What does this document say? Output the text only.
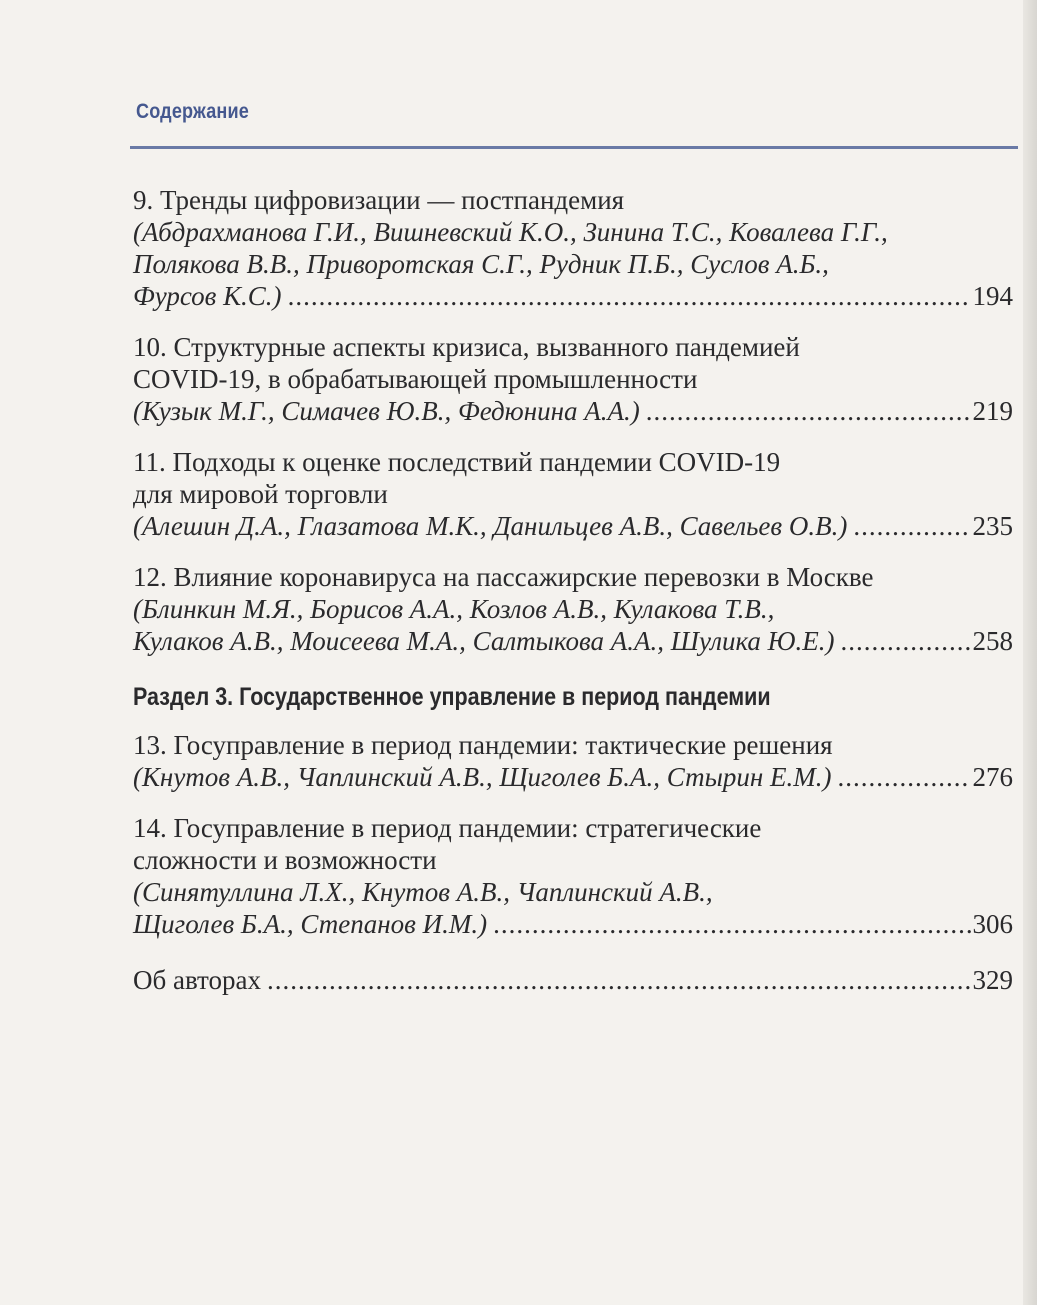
Содержание
9. Тренды цифровизации — постпандемия
(Абдрахманова Г.И., Вишневский К.О., Зинина Т.С., Ковалева Г.Г.,
Полякова В.В., Приворотская С.Г., Рудник П.Б., Суслов А.Б.,
Фурсов К.С.) .....	194
10. Структурные аспекты кризиса, вызванного пандемией
COVID-19, в обрабатывающей промышленности
(Кузык М.Г., Симачев Ю.В., Федюнина А.А.) .....	219
11. Подходы к оценке последствий пандемии COVID-19
для мировой торговли
(Алешин Д.А., Глазатова М.К., Данильцев А.В., Савельев О.В.) .....	235
12. Влияние коронавируса на пассажирские перевозки в Москве
(Блинкин М.Я., Борисов А.А., Козлов А.В., Кулакова Т.В.,
Кулаков А.В., Моисеева М.А., Салтыкова А.А., Шулика Ю.Е.) .....	258
Раздел 3. Государственное управление в период пандемии
13. Госуправление в период пандемии: тактические решения
(Кнутов А.В., Чаплинский А.В., Щиголев Б.А., Стырин Е.М.) .....	276
14. Госуправление в период пандемии: стратегические
сложности и возможности
(Синятуллина Л.Х., Кнутов А.В., Чаплинский А.В.,
Щиголев Б.А., Степанов И.М.) .....	306
Об авторах .....	329
